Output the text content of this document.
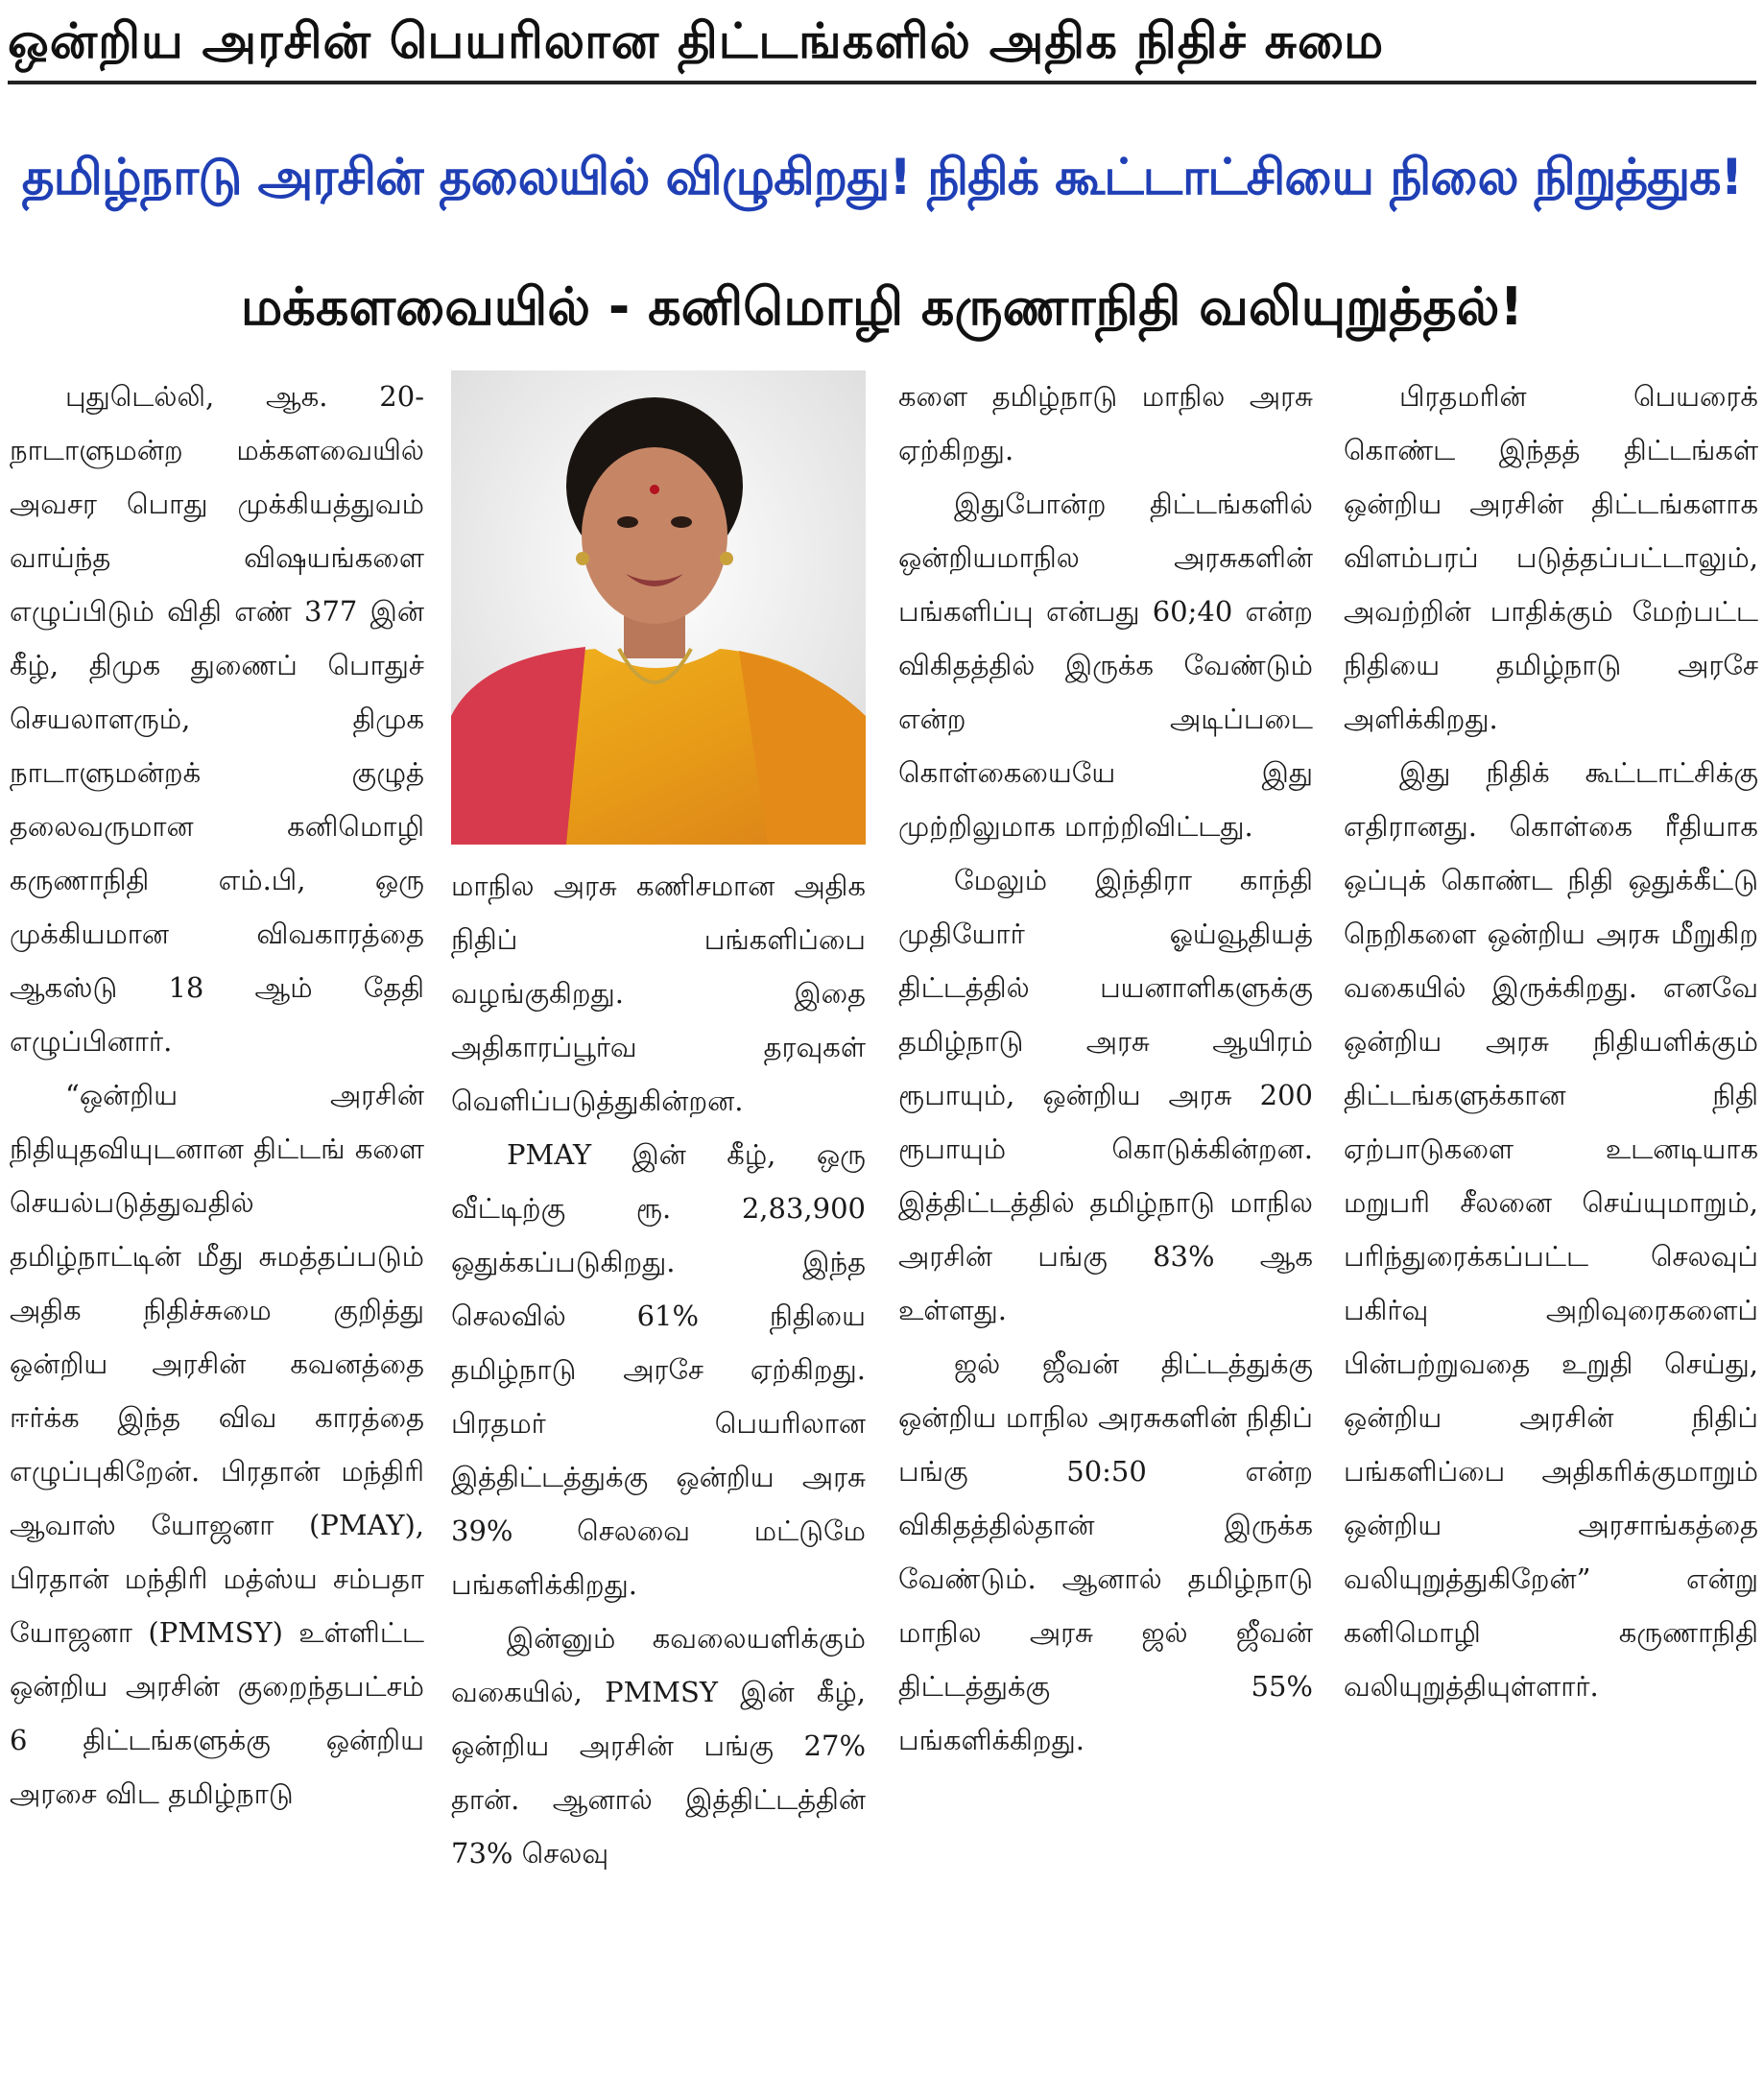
ஒன்றிய அரசின் பெயரிலான திட்டங்களில் அதிக நிதிச் சுமை
தமிழ்நாடு அரசின் தலையில் விழுகிறது! நிதிக் கூட்டாட்சியை நிலை நிறுத்துக!
மக்களவையில் - கனிமொழி கருணாநிதி வலியுறுத்தல்!

புதுடெல்லி, ஆக. 20- நாடாளுமன்ற மக்களவையில் அவசர பொது முக்கியத்துவம் வாய்ந்த விஷயங்களை எழுப்பிடும் விதி எண் 377 இன் கீழ், திமுக துணைப் பொதுச் செயலாளரும், திமுக நாடாளுமன்றக் குழுத் தலைவருமான கனிமொழி கருணாநிதி எம்.பி, ஒரு முக்கியமான விவகாரத்தை ஆகஸ்டு 18 ஆம் தேதி எழுப்பினார்.

“ஒன்றிய அரசின் நிதியுதவியுடனான திட்டங் களை செயல்படுத்துவதில் தமிழ்நாட்டின் மீது சுமத்தப்படும் அதிக நிதிச்சுமை குறித்து ஒன்றிய அரசின் கவனத்தை ஈர்க்க இந்த விவ காரத்தை எழுப்புகிறேன். பிரதான் மந்திரி ஆவாஸ் யோஜனா (PMAY), பிரதான் மந்திரி மத்ஸ்ய சம்பதா யோஜனா (PMMSY) உள்ளிட்ட ஒன்றிய அரசின் குறைந்தபட்சம் 6 திட்டங்களுக்கு ஒன்றிய அரசை விட தமிழ்நாடு

மாநில அரசு கணிசமான அதிக நிதிப் பங்களிப்பை வழங்குகிறது. இதை அதிகாரப்பூர்வ தரவுகள் வெளிப்படுத்துகின்றன.

PMAY இன் கீழ், ஒரு வீட்டிற்கு ரூ. 2,83,900 ஒதுக்கப்படுகிறது. இந்த செலவில் 61% நிதியை தமிழ்நாடு அரசே ஏற்கிறது. பிரதமர் பெயரிலான இத்திட்டத்துக்கு ஒன்றிய அரசு 39% செலவை மட்டுமே பங்களிக்கிறது.

இன்னும் கவலையளிக்கும் வகையில், PMMSY இன் கீழ், ஒன்றிய அரசின் பங்கு 27% தான். ஆனால் இத்திட்டத்தின் 73% செலவு

களை தமிழ்நாடு மாநில அரசு ஏற்கிறது.

இதுபோன்ற திட்டங்களில் ஒன்றியமாநில அரசுகளின் பங்களிப்பு என்பது 60;40 என்ற விகிதத்தில் இருக்க வேண்டும் என்ற அடிப்படை கொள்கையையே இது முற்றிலுமாக மாற்றிவிட்டது.

மேலும் இந்திரா காந்தி முதியோர் ஓய்வூதியத் திட்டத்தில் பயனாளிகளுக்கு தமிழ்நாடு அரசு ஆயிரம் ரூபாயும், ஒன்றிய அரசு 200 ரூபாயும் கொடுக்கின்றன. இத்திட்டத்தில் தமிழ்நாடு மாநில அரசின் பங்கு 83% ஆக உள்ளது.

ஜல் ஜீவன் திட்டத்துக்கு ஒன்றிய மாநில அரசுகளின் நிதிப் பங்கு 50:50 என்ற விகிதத்தில்தான் இருக்க வேண்டும். ஆனால் தமிழ்நாடு மாநில அரசு ஜல் ஜீவன் திட்டத்துக்கு 55% பங்களிக்கிறது.

பிரதமரின் பெயரைக் கொண்ட இந்தத் திட்டங்கள் ஒன்றிய அரசின் திட்டங்களாக விளம்பரப் படுத்தப்பட்டாலும், அவற்றின் பாதிக்கும் மேற்பட்ட நிதியை தமிழ்நாடு அரசே அளிக்கிறது.

இது நிதிக் கூட்டாட்சிக்கு எதிரானது. கொள்கை ரீதியாக ஒப்புக் கொண்ட நிதி ஒதுக்கீட்டு நெறிகளை ஒன்றிய அரசு மீறுகிற வகையில் இருக்கிறது. எனவே ஒன்றிய அரசு நிதியளிக்கும் திட்டங்களுக்கான நிதி ஏற்பாடுகளை உடனடியாக மறுபரி சீலனை செய்யுமாறும், பரிந்துரைக்கப்பட்ட செலவுப் பகிர்வு அறிவுரைகளைப் பின்பற்றுவதை உறுதி செய்து, ஒன்றிய அரசின் நிதிப் பங்களிப்பை அதிகரிக்குமாறும் ஒன்றிய அரசாங்கத்தை வலியுறுத்துகிறேன்” என்று கனிமொழி கருணாநிதி வலியுறுத்தியுள்ளார்.
